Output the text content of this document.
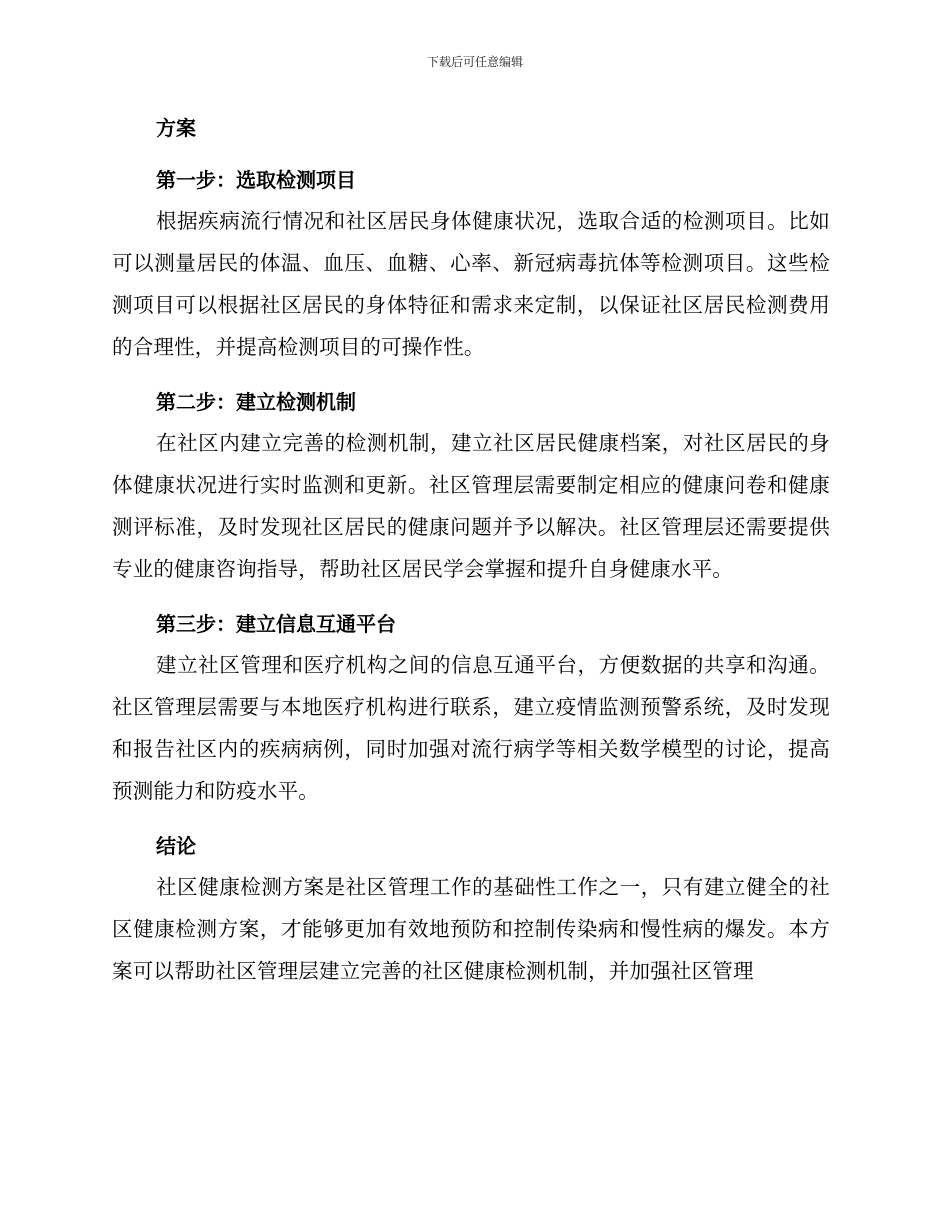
下载后可任意编辑
方案
第一步：选取检测项目

根据疾病流行情况和社区居民身体健康状况，选取合适的检测项目。比如可以测量居民的体温、血压、血糖、心率、新冠病毒抗体等检测项目。这些检测项目可以根据社区居民的身体特征和需求来定制，以保证社区居民检测费用的合理性，并提高检测项目的可操作性。

第二步：建立检测机制

在社区内建立完善的检测机制，建立社区居民健康档案，对社区居民的身体健康状况进行实时监测和更新。社区管理层需要制定相应的健康问卷和健康测评标准，及时发现社区居民的健康问题并予以解决。社区管理层还需要提供专业的健康咨询指导，帮助社区居民学会掌握和提升自身健康水平。

第三步：建立信息互通平台

建立社区管理和医疗机构之间的信息互通平台，方便数据的共享和沟通。社区管理层需要与本地医疗机构进行联系，建立疫情监测预警系统，及时发现和报告社区内的疾病病例，同时加强对流行病学等相关数学模型的讨论，提高预测能力和防疫水平。

结论

社区健康检测方案是社区管理工作的基础性工作之一，只有建立健全的社区健康检测方案，才能够更加有效地预防和控制传染病和慢性病的爆发。本方案可以帮助社区管理层建立完善的社区健康检测机制，并加强社区管理
